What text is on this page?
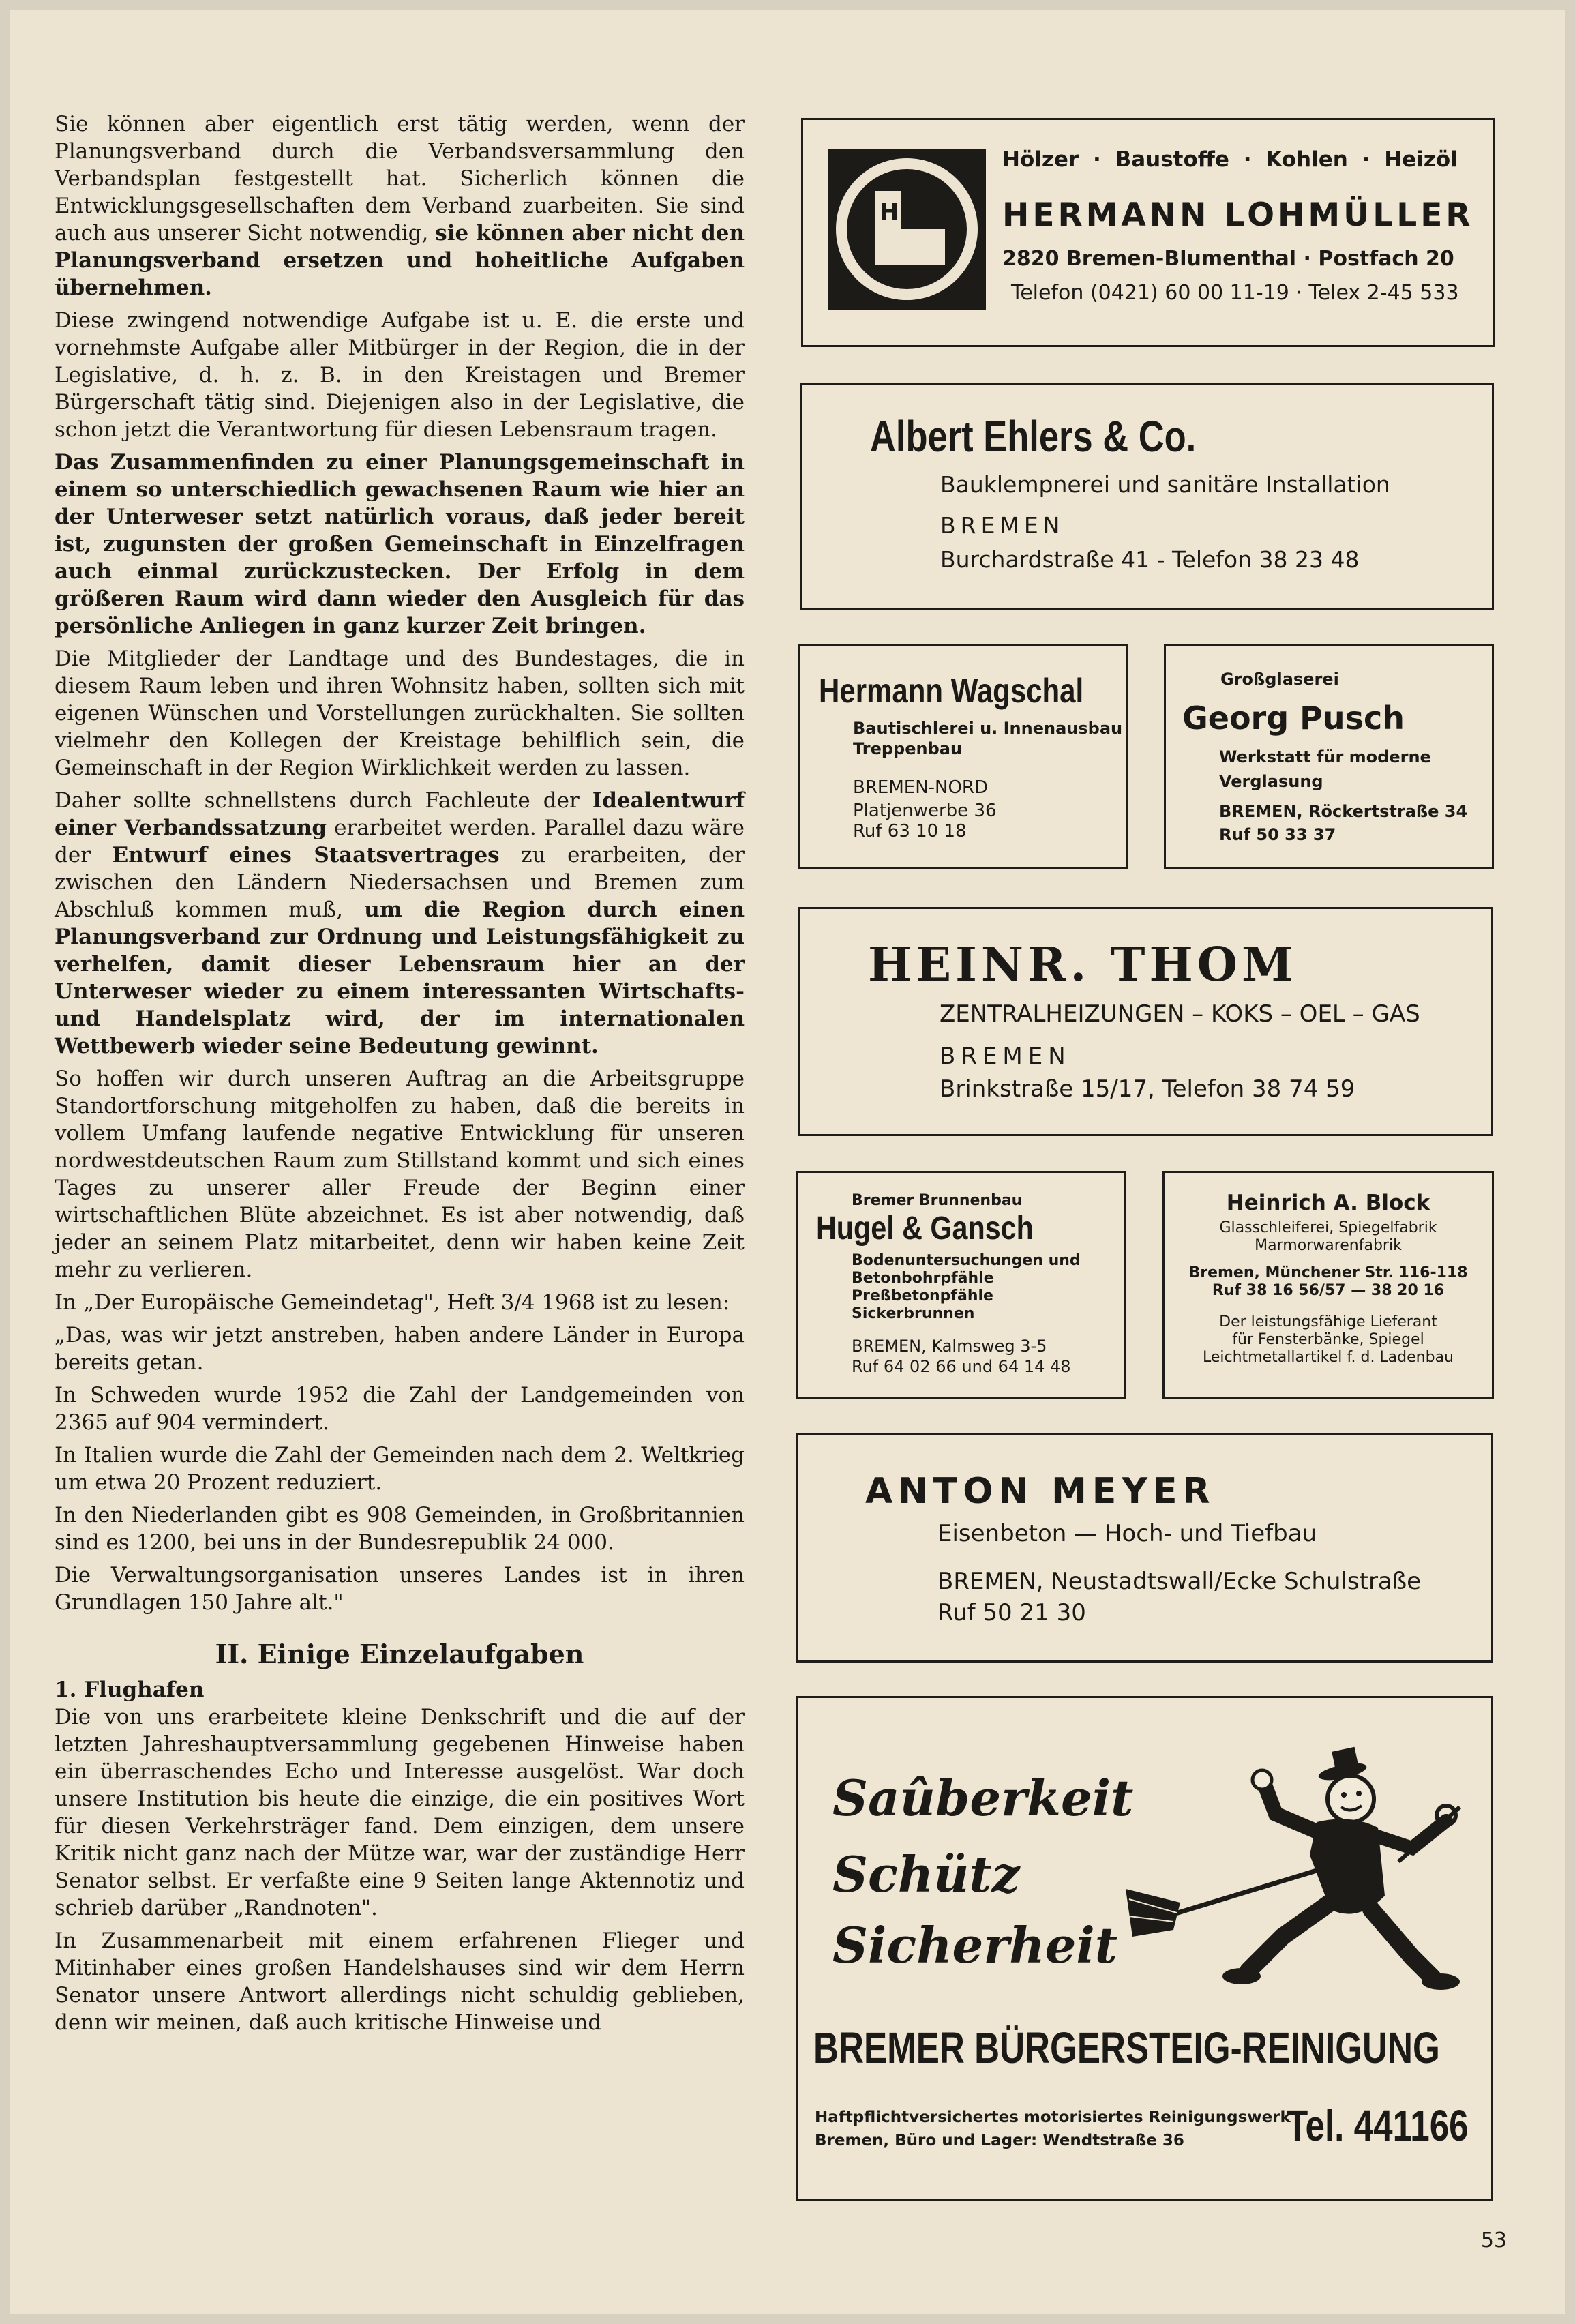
Sie können aber eigentlich erst tätig werden, wenn der Planungsverband durch die Verbandsversammlung den Verbandsplan festgestellt hat. Sicherlich können die Entwicklungsgesellschaften dem Verband zuarbeiten. Sie sind auch aus unserer Sicht notwendig, sie können aber nicht den Planungsverband ersetzen und hoheitliche Aufgaben übernehmen.

Diese zwingend notwendige Aufgabe ist u. E. die erste und vornehmste Aufgabe aller Mitbürger in der Region, die in der Legislative, d. h. z. B. in den Kreistagen und Bremer Bürgerschaft tätig sind. Diejenigen also in der Legislative, die schon jetzt die Verantwortung für diesen Lebensraum tragen.

Das Zusammenfinden zu einer Planungsgemeinschaft in einem so unterschiedlich gewachsenen Raum wie hier an der Unterweser setzt natürlich voraus, daß jeder bereit ist, zugunsten der großen Gemeinschaft in Einzelfragen auch einmal zurückzustecken. Der Erfolg in dem größeren Raum wird dann wieder den Ausgleich für das persönliche Anliegen in ganz kurzer Zeit bringen.

Die Mitglieder der Landtage und des Bundestages, die in diesem Raum leben und ihren Wohnsitz haben, sollten sich mit eigenen Wünschen und Vorstellungen zurückhalten. Sie sollten vielmehr den Kollegen der Kreistage behilflich sein, die Gemeinschaft in der Region Wirklichkeit werden zu lassen.

Daher sollte schnellstens durch Fachleute der Idealentwurf einer Verbandssatzung erarbeitet werden. Parallel dazu wäre der Entwurf eines Staatsvertrages zu erarbeiten, der zwischen den Ländern Niedersachsen und Bremen zum Abschluß kommen muß, um die Region durch einen Planungsverband zur Ordnung und Leistungsfähigkeit zu verhelfen, damit dieser Lebensraum hier an der Unterweser wieder zu einem interessanten Wirtschafts- und Handelsplatz wird, der im internationalen Wettbewerb wieder seine Bedeutung gewinnt.

So hoffen wir durch unseren Auftrag an die Arbeitsgruppe Standortforschung mitgeholfen zu haben, daß die bereits in vollem Umfang laufende negative Entwicklung für unseren nordwestdeutschen Raum zum Stillstand kommt und sich eines Tages zu unserer aller Freude der Beginn einer wirtschaftlichen Blüte abzeichnet. Es ist aber notwendig, daß jeder an seinem Platz mitarbeitet, denn wir haben keine Zeit mehr zu verlieren.

In „Der Europäische Gemeindetag", Heft 3/4 1968 ist zu lesen:

„Das, was wir jetzt anstreben, haben andere Länder in Europa bereits getan.

In Schweden wurde 1952 die Zahl der Landgemeinden von 2365 auf 904 vermindert.

In Italien wurde die Zahl der Gemeinden nach dem 2. Weltkrieg um etwa 20 Prozent reduziert.

In den Niederlanden gibt es 908 Gemeinden, in Großbritannien sind es 1200, bei uns in der Bundesrepublik 24 000.

Die Verwaltungsorganisation unseres Landes ist in ihren Grundlagen 150 Jahre alt."

II. Einige Einzelaufgaben

1. Flughafen

Die von uns erarbeitete kleine Denkschrift und die auf der letzten Jahreshauptversammlung gegebenen Hinweise haben ein überraschendes Echo und Interesse ausgelöst. War doch unsere Institution bis heute die einzige, die ein positives Wort für diesen Verkehrsträger fand. Dem einzigen, dem unsere Kritik nicht ganz nach der Mütze war, war der zuständige Herr Senator selbst. Er verfaßte eine 9 Seiten lange Aktennotiz und schrieb darüber „Randnoten".

In Zusammenarbeit mit einem erfahrenen Flieger und Mitinhaber eines großen Handelshauses sind wir dem Herrn Senator unsere Antwort allerdings nicht schuldig geblieben, denn wir meinen, daß auch kritische Hinweise und

H
Hölzer · Baustoffe · Kohlen · Heizöl
HERMANN LOHMÜLLER
2820 Bremen-Blumenthal · Postfach 20
Telefon (0421) 60 00 11-19 · Telex 2-45 533
Albert Ehlers & Co.
Bauklempnerei und sanitäre Installation
BREMEN
Burchardstraße 41 - Telefon 38 23 48
Hermann Wagschal
Bautischlerei u. Innenausbau
Treppenbau
BREMEN-NORD
Platjenwerbe 36
Ruf 63 10 18
Großglaserei
Georg Pusch
Werkstatt für moderne
Verglasung
BREMEN, Röckertstraße 34
Ruf 50 33 37
HEINR. THOM
ZENTRALHEIZUNGEN – KOKS – OEL – GAS
BREMEN
Brinkstraße 15/17, Telefon 38 74 59
Bremer Brunnenbau
Hugel & Gansch
Bodenuntersuchungen und
Betonbohrpfähle
Preßbetonpfähle
Sickerbrunnen
BREMEN, Kalmsweg 3-5
Ruf 64 02 66 und 64 14 48
Heinrich A. Block
Glasschleiferei, Spiegelfabrik
Marmorwarenfabrik
Bremen, Münchener Str. 116-118
Ruf 38 16 56/57 — 38 20 16
Der leistungsfähige Lieferant
für Fensterbänke, Spiegel
Leichtmetallartikel f. d. Ladenbau
ANTON MEYER
Eisenbeton — Hoch- und Tiefbau
BREMEN, Neustadtswall/Ecke Schulstraße
Ruf 50 21 30
Saûberkeit
Schütz
Sicherheit
BREMER BÜRGERSTEIG-REINIGUNG
Haftpflichtversichertes motorisiertes Reinigungswerk
Bremen, Büro und Lager: Wendtstraße 36 Tel. 441166
53
